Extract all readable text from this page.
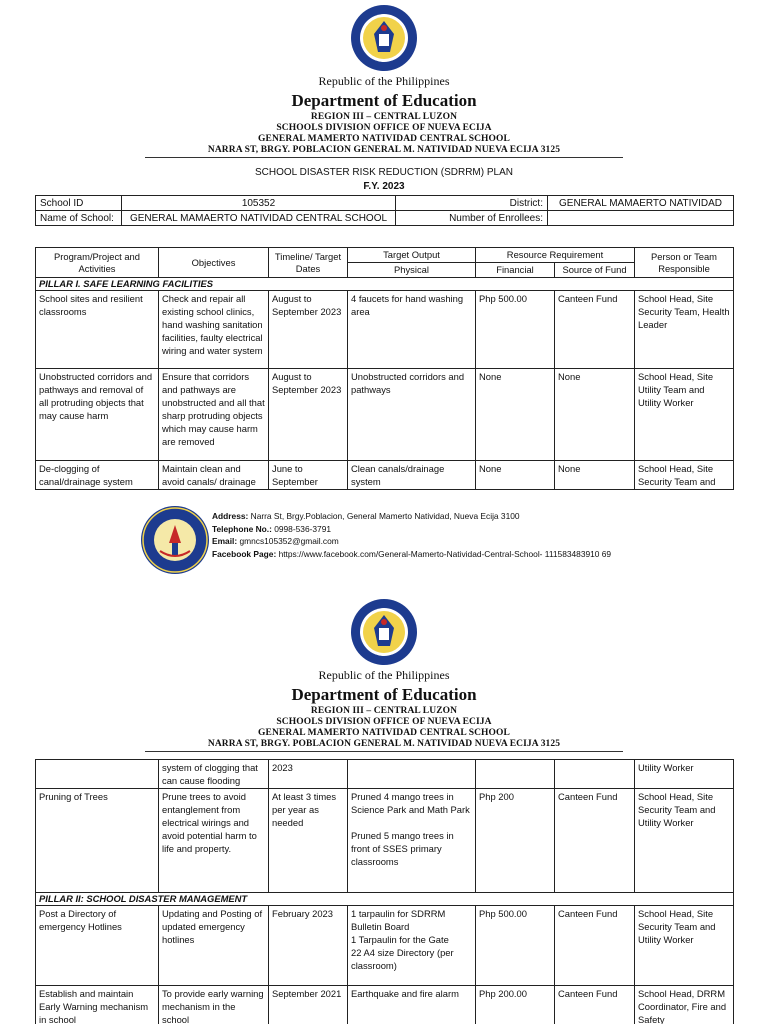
Republic of the Philippines
Department of Education
REGION III – CENTRAL LUZON
SCHOOLS DIVISION OFFICE OF NUEVA ECIJA
GENERAL MAMERTO NATIVIDAD CENTRAL SCHOOL
NARRA ST, BRGY. POBLACION GENERAL M. NATIVIDAD NUEVA ECIJA 3125
SCHOOL DISASTER RISK REDUCTION (SDRRM) PLAN
F.Y. 2023
School ID	105352	District:	GENERAL MAMAERTO NATIVIDAD
Name of School:	GENERAL MAMAERTO NATIVIDAD CENTRAL SCHOOL	Number of Enrollees:	
Program/Project and Activities	Objectives	Timeline/ Target Dates	Target Output	Resource Requirement		Person or Team Responsible
			Physical	Financial	Source of Fund	
PILLAR I. SAFE LEARNING FACILITIES						
School sites and resilient classrooms	Check and repair all existing school clinics, hand washing sanitation facilities, faulty electrical wiring and water system	August to September 2023	4 faucets for hand washing area	Php 500.00	Canteen Fund	School Head, Site Security Team, Health Leader
Unobstructed corridors and pathways and removal of all protruding objects that may cause harm	Ensure that corridors and pathways are unobstructed and all that sharp protruding objects which may cause harm are removed	August to September 2023	Unobstructed corridors and pathways	None	None	School Head, Site Utility Team and Utility Worker
De-clogging of canal/drainage system	Maintain clean and avoid canals/ drainage	June to September	Clean canals/drainage system	None	None	School Head, Site Security Team and
Address: Narra St, Brgy.Poblacion, General Mamerto Natividad, Nueva Ecija 3100
Telephone No.: 0998-536-3791
Email: gmncs105352@gmail.com
Facebook Page: https://www.facebook.com/General-Mamerto-Natividad-Central-School- 111583483910 69
Republic of the Philippines
Department of Education
REGION III – CENTRAL LUZON
SCHOOLS DIVISION OFFICE OF NUEVA ECIJA
GENERAL MAMERTO NATIVIDAD CENTRAL SCHOOL
NARRA ST, BRGY. POBLACION GENERAL M. NATIVIDAD NUEVA ECIJA 3125
	system of clogging that can cause flooding	2023				Utility Worker
Pruning of Trees	Prune trees to avoid entanglement from electrical wirings and avoid potential harm to life and property.	At least 3 times per year as needed	Pruned 4 mango trees in Science Park and Math Park
Pruned 5 mango trees in front of SSES primary classrooms	Php 200	Canteen Fund	School Head, Site Security Team and Utility Worker
PILLAR II: SCHOOL DISASTER MANAGEMENT						
Post a Directory of emergency Hotlines	Updating and Posting of updated emergency hotlines	February 2023	1 tarpaulin for SDRRM Bulletin Board
1 Tarpaulin for the Gate
22 A4 size Directory (per classroom)	Php 500.00	Canteen Fund	School Head, Site Security Team and Utility Worker
Establish and maintain Early Warning mechanism in school	To provide early warning mechanism in the school	September 2021	Earthquake and fire alarm	Php 200.00	Canteen Fund	School Head, DRRM Coordinator, Fire and Safety
